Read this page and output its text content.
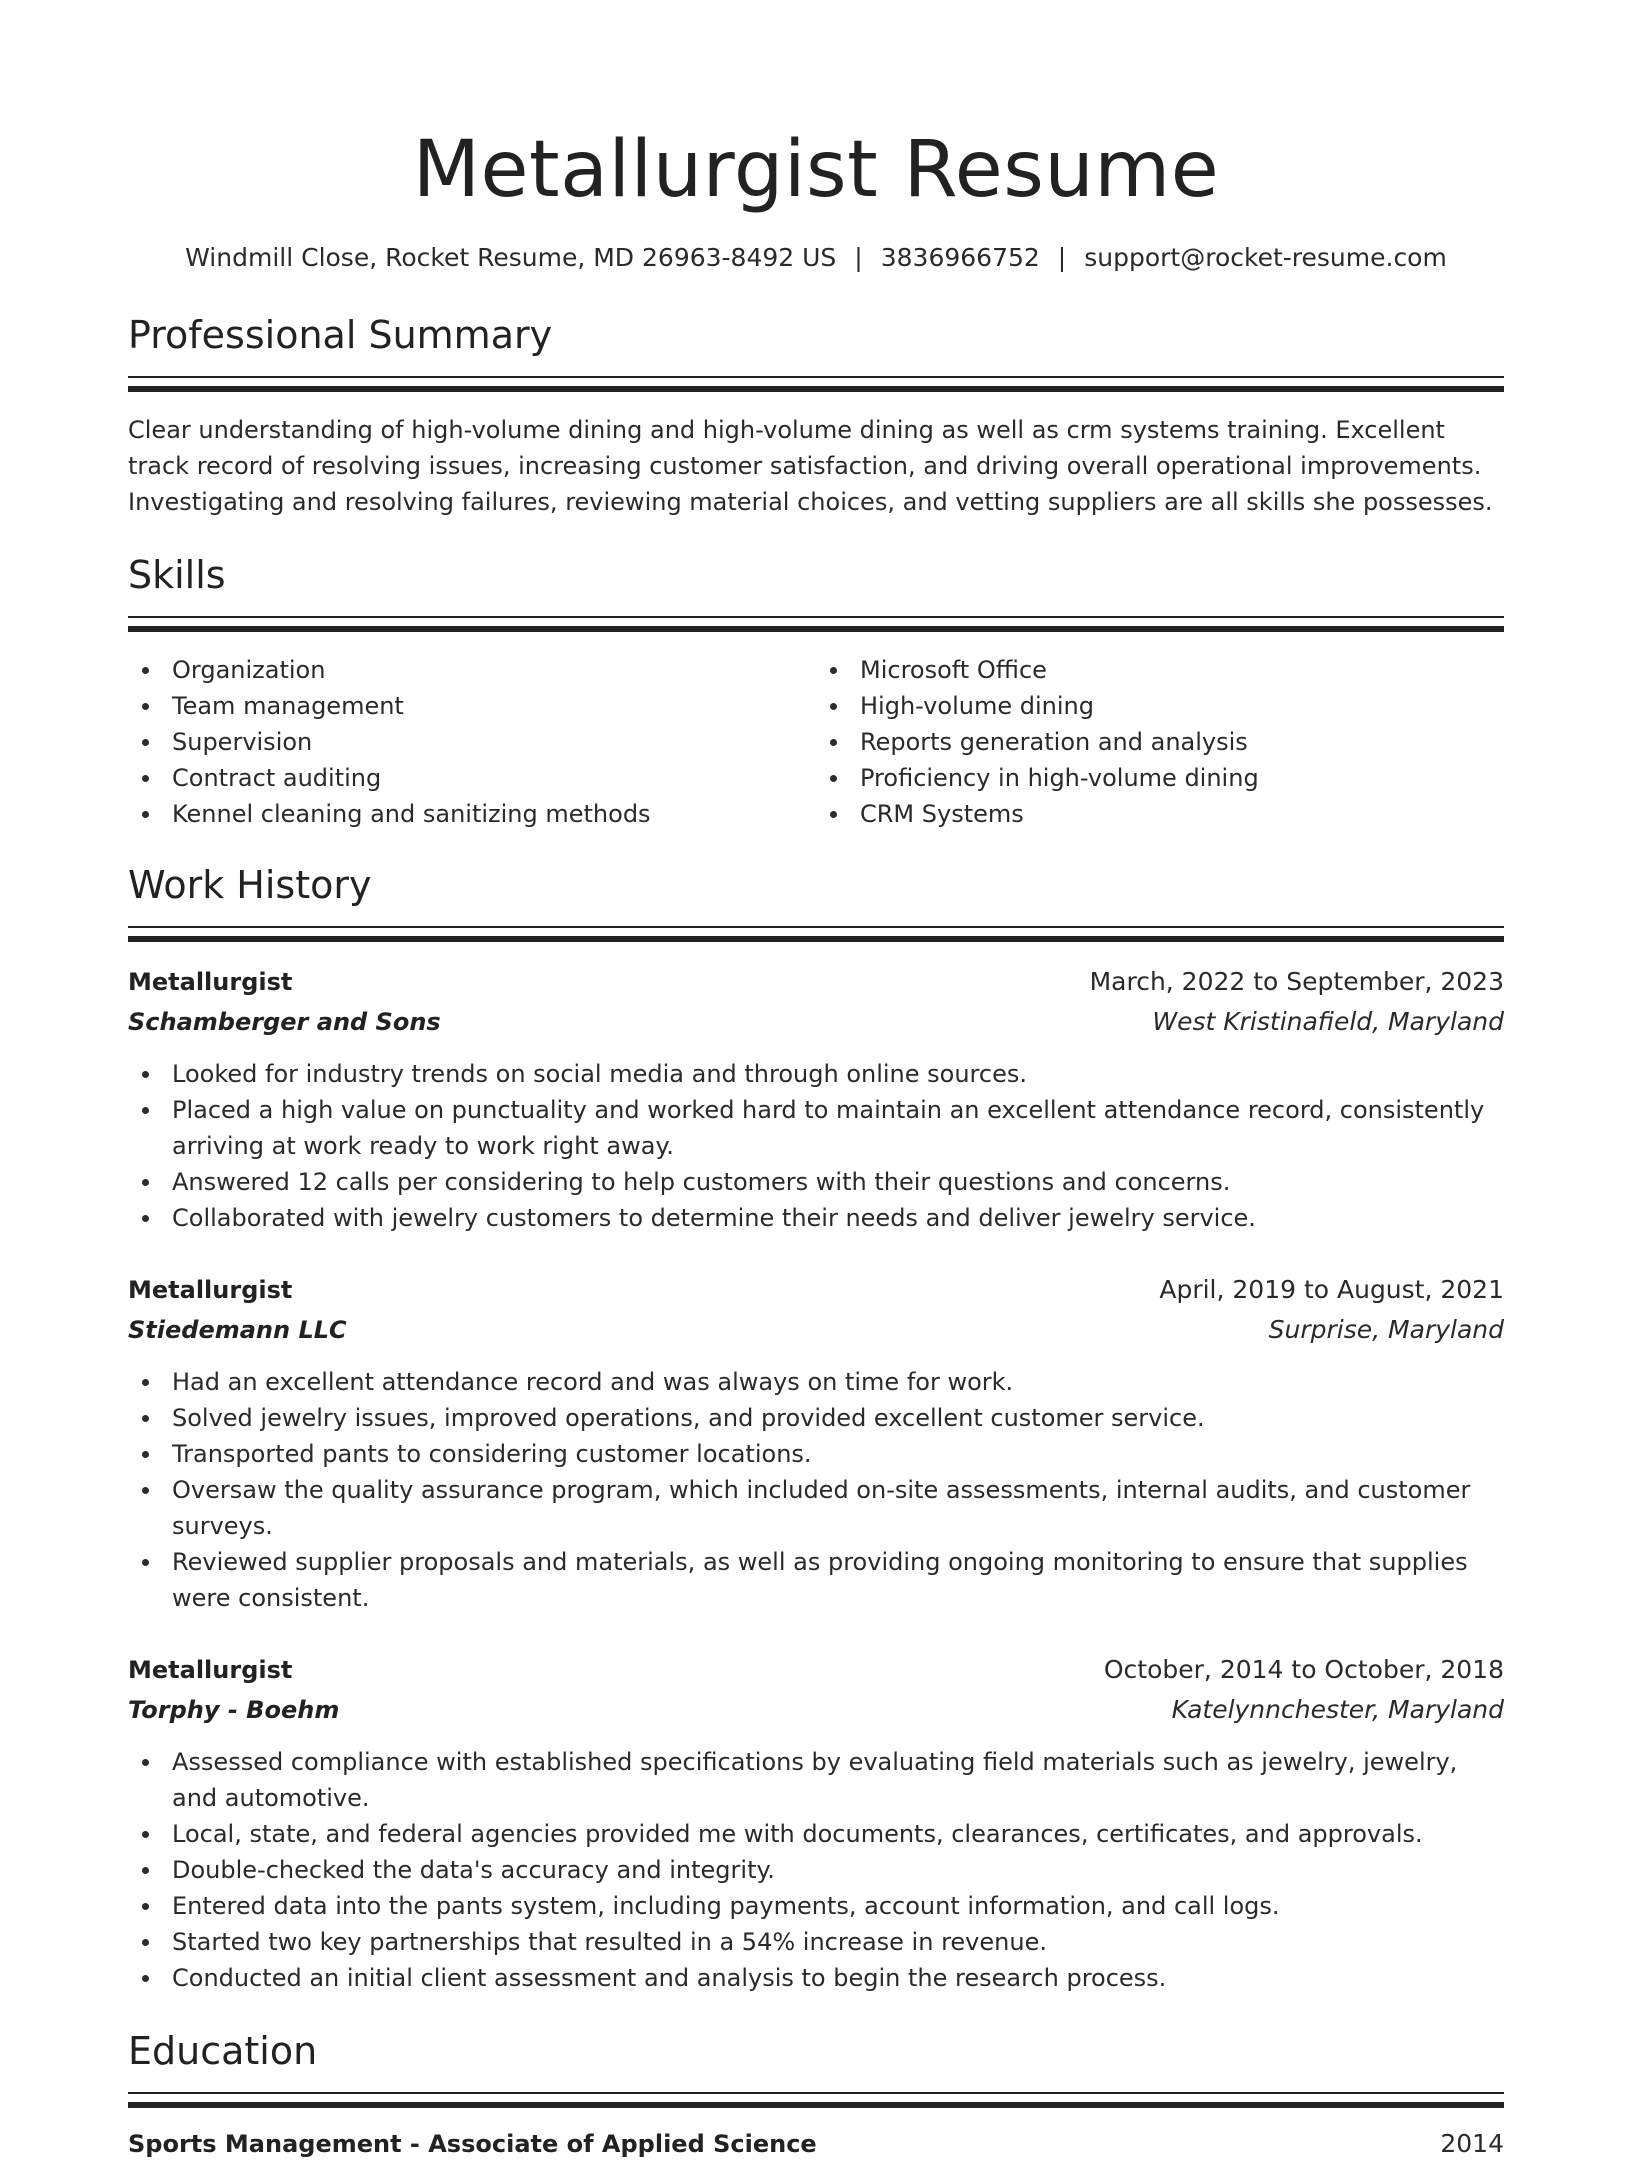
Metallurgist Resume
Windmill Close, Rocket Resume, MD 26963-8492 US | 3836966752 | support@rocket-resume.com
Professional Summary

Clear understanding of high-volume dining and high-volume dining as well as crm systems training. Excellent track record of resolving issues, increasing customer satisfaction, and driving overall operational improvements. Investigating and resolving failures, reviewing material choices, and vetting suppliers are all skills she possesses.

Skills
Organization
Team management
Supervision
Contract auditing
Kennel cleaning and sanitizing methods
Microsoft Office
High-volume dining
Reports generation and analysis
Proficiency in high-volume dining
CRM Systems
Work History
Metallurgist	March, 2022 to September, 2023
Schamberger and Sons	West Kristinafield, Maryland
Looked for industry trends on social media and through online sources.
Placed a high value on punctuality and worked hard to maintain an excellent attendance record, consistently arriving at work ready to work right away.
Answered 12 calls per considering to help customers with their questions and concerns.
Collaborated with jewelry customers to determine their needs and deliver jewelry service.
Metallurgist	April, 2019 to August, 2021
Stiedemann LLC	Surprise, Maryland
Had an excellent attendance record and was always on time for work.
Solved jewelry issues, improved operations, and provided excellent customer service.
Transported pants to considering customer locations.
Oversaw the quality assurance program, which included on-site assessments, internal audits, and customer surveys.
Reviewed supplier proposals and materials, as well as providing ongoing monitoring to ensure that supplies were consistent.
Metallurgist	October, 2014 to October, 2018
Torphy - Boehm	Katelynnchester, Maryland
Assessed compliance with established specifications by evaluating field materials such as jewelry, jewelry, and automotive.
Local, state, and federal agencies provided me with documents, clearances, certificates, and approvals.
Double-checked the data's accuracy and integrity.
Entered data into the pants system, including payments, account information, and call logs.
Started two key partnerships that resulted in a 54% increase in revenue.
Conducted an initial client assessment and analysis to begin the research process.
Education
Sports Management - Associate of Applied Science	2014
